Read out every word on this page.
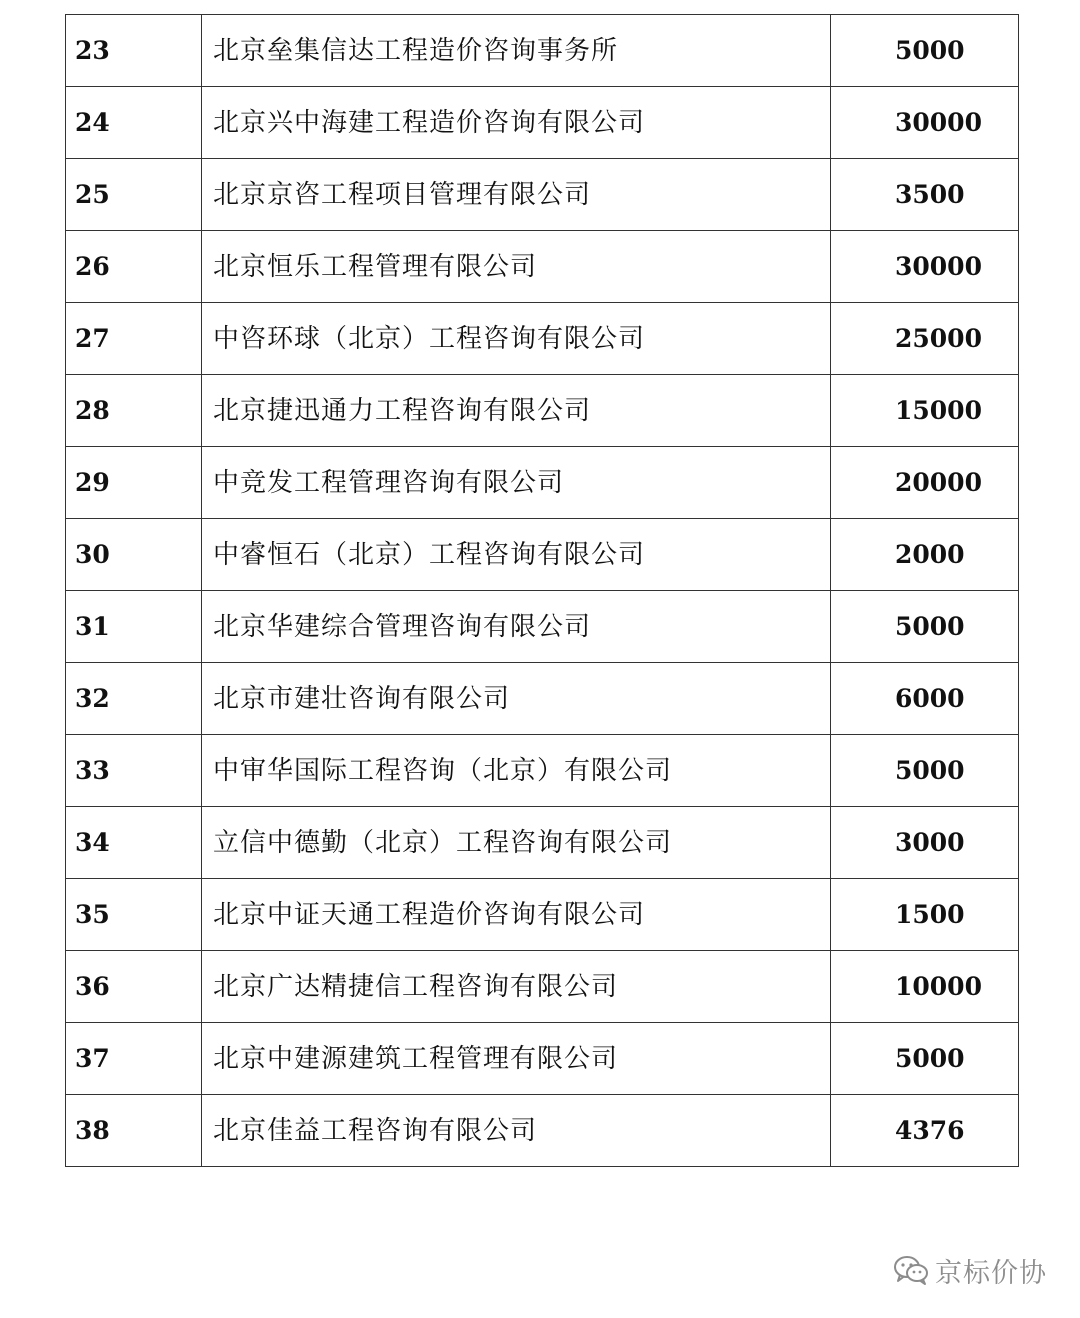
23	北京垒集信达工程造价咨询事务所	5000
24	北京兴中海建工程造价咨询有限公司	30000
25	北京京咨工程项目管理有限公司	3500
26	北京恒乐工程管理有限公司	30000
27	中咨环球（北京）工程咨询有限公司	25000
28	北京捷迅通力工程咨询有限公司	15000
29	中竞发工程管理咨询有限公司	20000
30	中睿恒石（北京）工程咨询有限公司	2000
31	北京华建综合管理咨询有限公司	5000
32	北京市建壮咨询有限公司	6000
33	中审华国际工程咨询（北京）有限公司	5000
34	立信中德勤（北京）工程咨询有限公司	3000
35	北京中证天通工程造价咨询有限公司	1500
36	北京广达精捷信工程咨询有限公司	10000
37	北京中建源建筑工程管理有限公司	5000
38	北京佳益工程咨询有限公司	4376
京标价协
